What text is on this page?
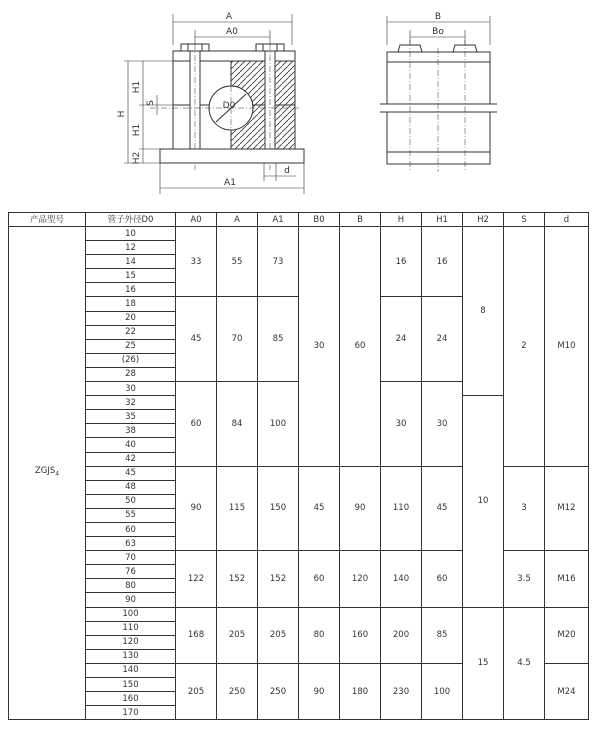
A
A0
D0
A1
d
H
H1
H1
H2
S
B
Bo
产品型号	管子外径D0	A0	A	A1	B0	B	H	H1	H2	S	d
$ZGJS_4$	10	33	55	73	30	60	16	16	8	2	M10
	12										
	14										
	15										
	16										
	18	45	70	85			24	24			
	20										
	22										
	25										
	(26)										
	28										
	30	60	84	100			30	30			
	32								10		
	35										
	38										
	40										
	42										
	45	90	115	150	45	90	110	45		3	M12
	48										
	50										
	55										
	60										
	63										
	70	122	152	152	60	120	140	60		3.5	M16
	76										
	80										
	90										
	100	168	205	205	80	160	200	85	15	4.5	M20
	110										
	120										
	130										
	140	205	250	250	90	180	230	100			M24
	150										
	160										
	170										
